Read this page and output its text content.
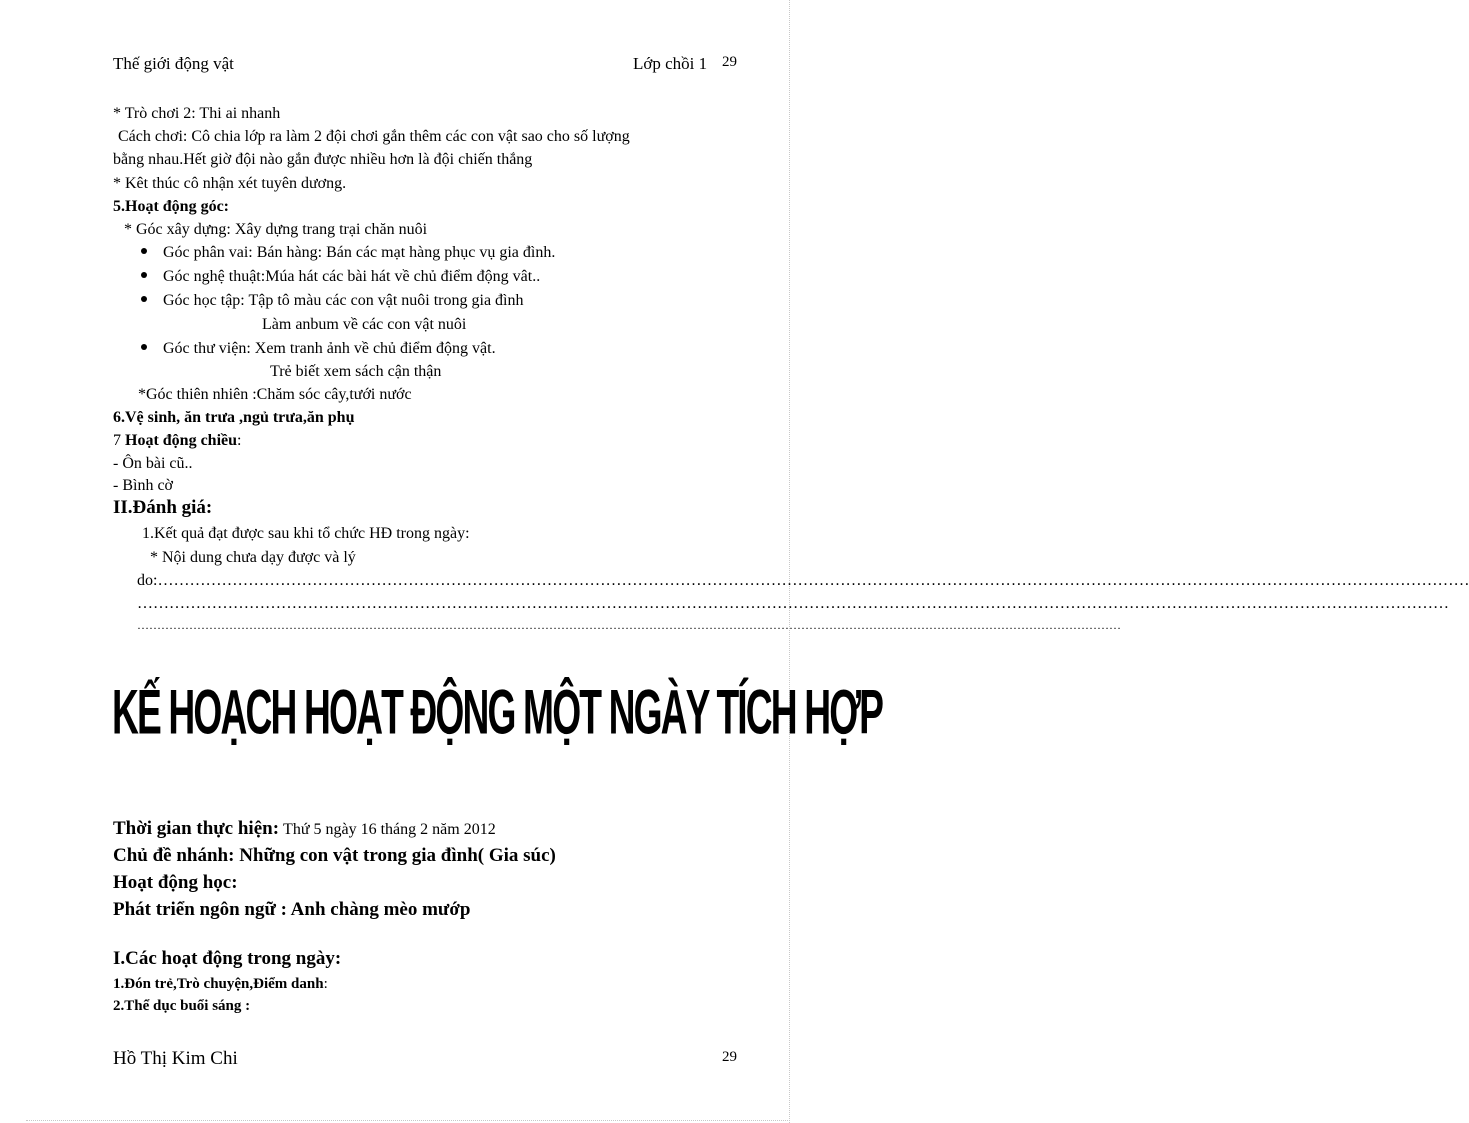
Thế giới động vật	Lớp chồi 1 29
* Trò chơi 2: Thi ai nhanh
Cách chơi: Cô chia lớp ra làm 2 đội chơi gắn thêm các con vật sao cho số lượng
bằng nhau.Hết giờ đội nào gắn được nhiều hơn là đội chiến thắng
* Kêt thúc cô nhận xét tuyên dương.
5.Hoạt động góc:
* Góc xây dựng: Xây dựng trang trại chăn nuôi
Góc phân vai: Bán hàng: Bán các mạt hàng phục vụ gia đình.
Góc nghệ thuật:Múa hát các bài hát về chủ điểm động vât..
Góc học tập: Tập tô màu các con vật nuôi trong gia đình
Làm anbum về các con vật nuôi
Góc thư viện: Xem tranh ảnh về chủ điểm động vật.
Trẻ biết xem sách cận thận
*Góc thiên nhiên :Chăm sóc cây,tưới nước
6.Vệ sinh, ăn trưa ,ngủ trưa,ăn phụ
7 Hoạt động chiều:
- Ôn bài cũ..
- Bình cờ
II.Đánh giá:
1.Kết quả đạt được sau khi tổ chức HĐ trong ngày:
* Nội dung chưa dạy được và lý
do: …………………………………………………………………………………………………………………………………………………………………………………………………………………………
…………………………………………………………………………………………………………………………………………………………………………………………………………………………
…………………………………………………………………………………………………………………………………………………………………………………………………………………………
KẾ HOẠCH HOẠT ĐỘNG MỘT NGÀY TÍCH HỢP
Thời gian thực hiện: Thứ 5 ngày 16 tháng 2 năm 2012
Chủ đề nhánh: Những con vật trong gia đình( Gia súc)
Hoạt động học:
Phát triển ngôn ngữ : Anh chàng mèo mướp
I.Các hoạt động trong ngày:
1.Đón trẻ,Trò chuyện,Điểm danh:
2.Thể dục buổi sáng :
Hồ Thị Kim Chi	29
